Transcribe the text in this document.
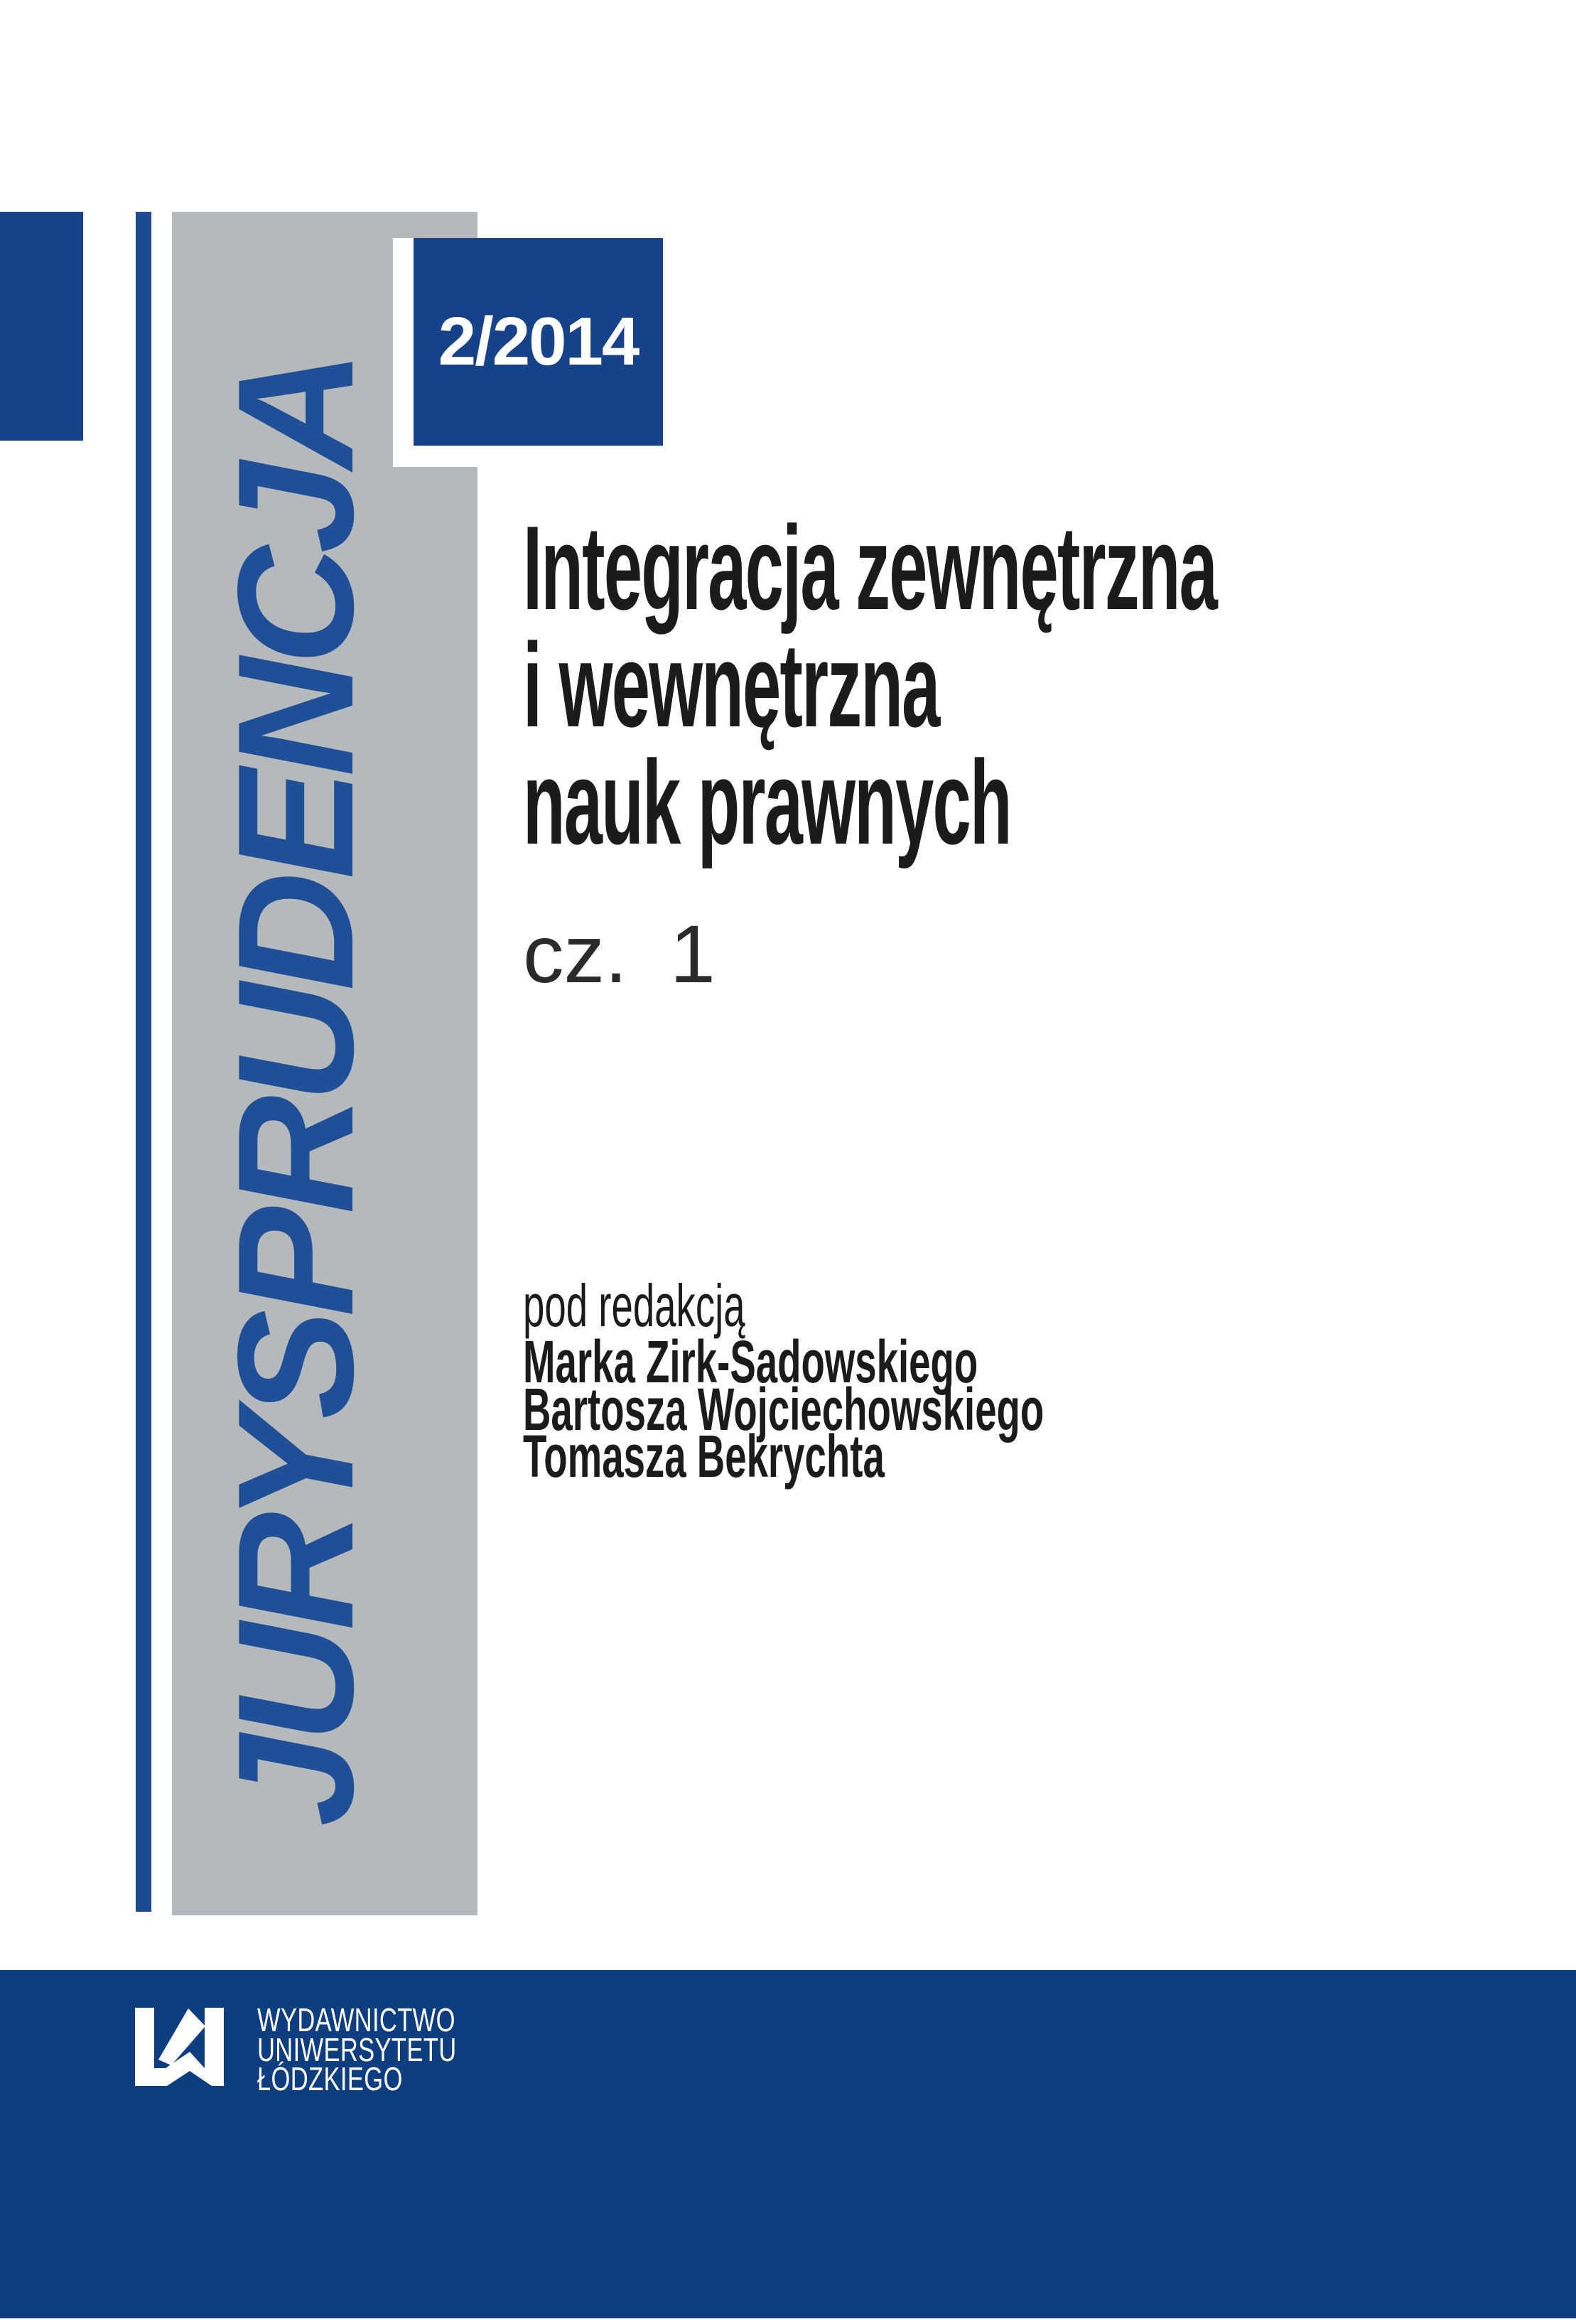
JURYSPRUDENCJA
2/2014
Integracja zewnętrzna
i wewnętrzna
nauk prawnych
cz. 1
pod redakcją
Marka Zirk-Sadowskiego
Bartosza Wojciechowskiego
Tomasza Bekrychta
WYDAWNICTWO
UNIWERSYTETU
ŁÓDZKIEGO
